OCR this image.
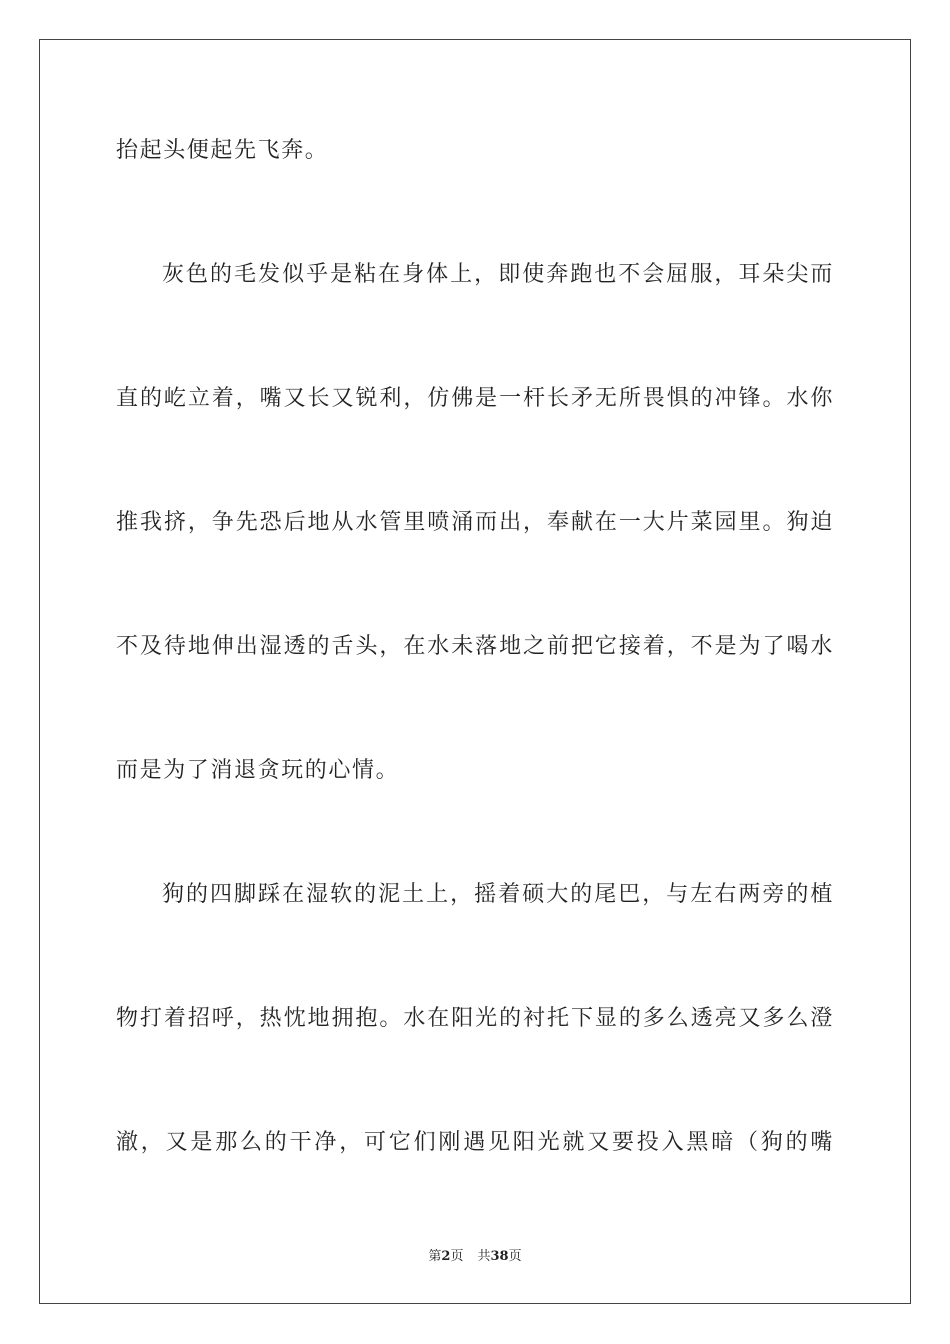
抬起头便起先飞奔。
灰色的毛发似乎是粘在身体上，即使奔跑也不会屈服，耳朵尖而
直的屹立着，嘴又长又锐利，仿佛是一杆长矛无所畏惧的冲锋。水你
推我挤，争先恐后地从水管里喷涌而出，奉献在一大片菜园里。狗迫
不及待地伸出湿透的舌头，在水未落地之前把它接着，不是为了喝水
而是为了消退贪玩的心情。
狗的四脚踩在湿软的泥土上，摇着硕大的尾巴，与左右两旁的植
物打着招呼，热忱地拥抱。水在阳光的衬托下显的多么透亮又多么澄
澈，又是那么的干净，可它们刚遇见阳光就又要投入黑暗（狗的嘴
第2页 共38页
